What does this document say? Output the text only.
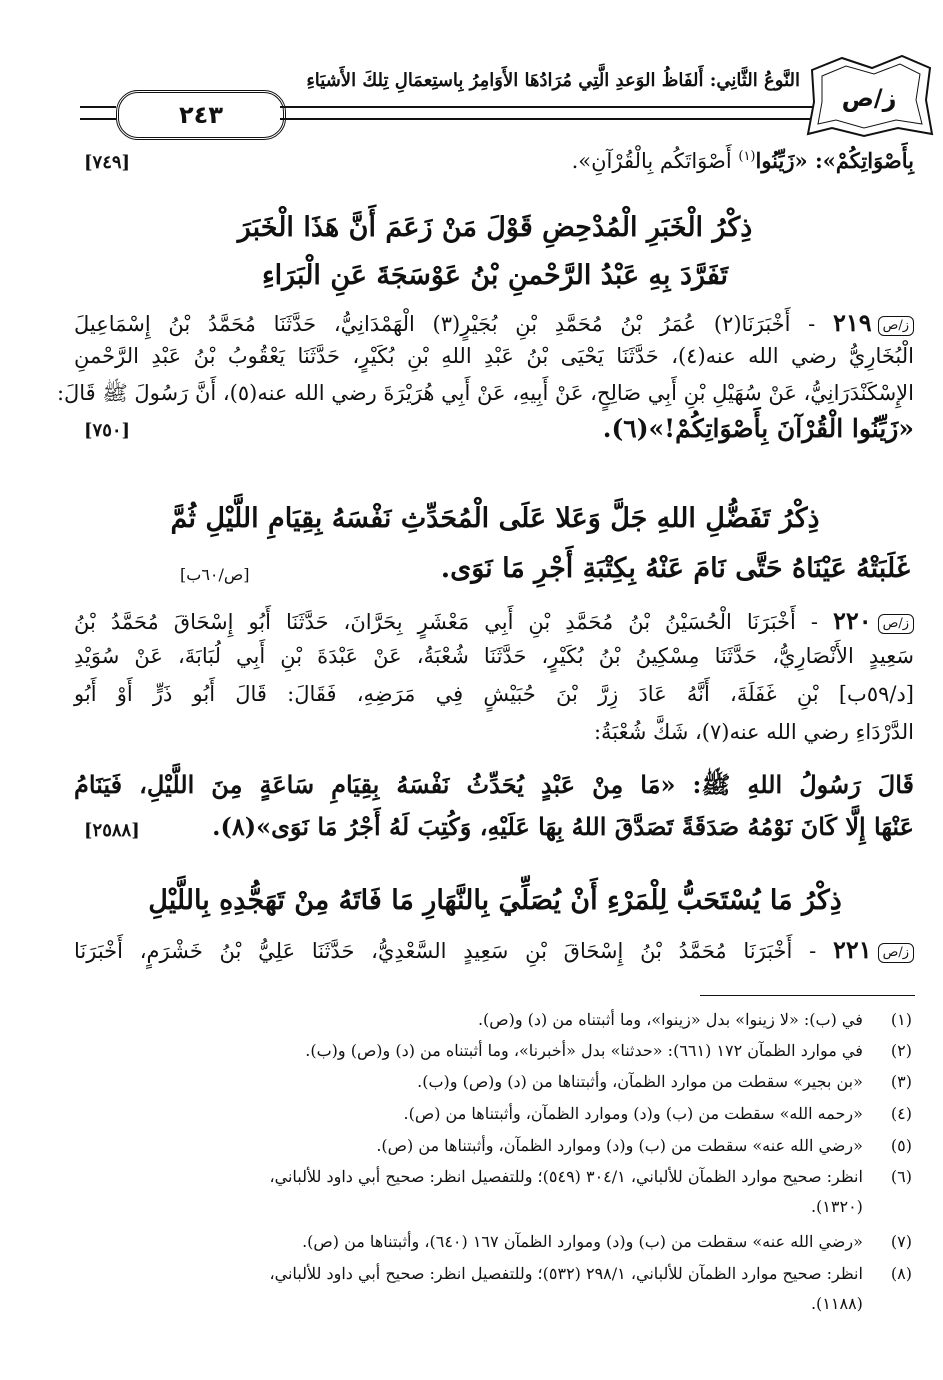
٢٤٣
النَّوعُ الثَّانِي: أَلفَاظُ الوَعدِ الَّتِي مُرَادُهَا الأَوَامِرُ بِاستِعمَالِ تِلكَ الأَشيَاءِ
ز/ص
بِأَصْوَاتِكُمْ»: «زَيِّنُوا$^{(١)}$ أَصْوَاتَكُم بِالْقُرْآنِ».
[٧٤٩]
ذِكْرُ الْخَبَرِ الْمُدْحِضِ قَوْلَ مَنْ زَعَمَ أَنَّ هَذَا الْخَبَرَ
تَفَرَّدَ بِهِ عَبْدُ الرَّحْمنِ بْنُ عَوْسَجَةَ عَنِ الْبَرَاءِ
ز/ص٢١٩ - أَخْبَرَنَا(٢) عُمَرُ بْنُ مُحَمَّدِ بْنِ بُجَيْرٍ(٣) الْهَمْدَانِيُّ، حَدَّثَنَا مُحَمَّدُ بْنُ إِسْمَاعِيلَ
الْبُخَارِيُّ رضي الله عنه(٤)، حَدَّثَنَا يَحْيَى بْنُ عَبْدِ اللهِ بْنِ بُكَيْرٍ، حَدَّثَنَا يَعْقُوبُ بْنُ عَبْدِ الرَّحْمنِ
الإِسْكَنْدَرَانِيُّ، عَنْ سُهَيْلِ بْنِ أَبِي صَالِحٍ، عَنْ أَبِيهِ، عَنْ أَبِي هُرَيْرَةَ رضي الله عنه(٥)، أَنَّ رَسُولَ ﷺ قَالَ:
«زَيِّنُوا الْقُرْآنَ بِأَصْوَاتِكُمْ!»(٦).
[٧٥٠]
ذِكْرُ تَفَضُّلِ اللهِ جَلَّ وَعَلا عَلَى الْمُحَدِّثِ نَفْسَهُ بِقِيَامِ اللَّيْلِ ثُمَّ
غَلَبَتْهُ عَيْنَاهُ حَتَّى نَامَ عَنْهُ بِكِتْبَةِ أَجْرِ مَا نَوَى.
[ص/٦٠ب]
ز/ص٢٢٠ - أَخْبَرَنَا الْحُسَيْنُ بْنُ مُحَمَّدِ بْنِ أَبِي مَعْشَرٍ بِحَرَّانَ، حَدَّثَنَا أَبُو إِسْحَاقَ مُحَمَّدُ بْنُ
سَعِيدٍ الأَنْصَارِيُّ، حَدَّثَنَا مِسْكِينُ بْنُ بُكَيْرٍ، حَدَّثَنَا شُعْبَةُ، عَنْ عَبْدَةَ بْنِ أَبِي لُبَابَةَ، عَنْ سُوَيْدِ
[د/٥٩ب] بْنِ غَفَلَةَ، أَنَّهُ عَادَ زِرَّ بْنَ حُبَيْشٍ فِي مَرَضِهِ، فَقَالَ: قَالَ أَبُو ذَرٍّ أَوْ أَبُو
الدَّرْدَاءِ رضي الله عنه(٧)، شَكَّ شُعْبَةُ:
قَالَ رَسُولُ اللهِ ﷺ: «مَا مِنْ عَبْدٍ يُحَدِّثُ نَفْسَهُ بِقِيَامِ سَاعَةٍ مِنَ اللَّيْلِ، فَيَنَامُ
عَنْهَا إِلَّا كَانَ نَوْمُهُ صَدَقَةً تَصَدَّقَ اللهُ بِهَا عَلَيْهِ، وَكُتِبَ لَهُ أَجْرُ مَا نَوَى»(٨).
[٢٥٨٨]
ذِكْرُ مَا يُسْتَحَبُّ لِلْمَرْءِ أَنْ يُصَلِّيَ بِالنَّهَارِ مَا فَاتَهُ مِنْ تَهَجُّدِهِ بِاللَّيْلِ
ز/ص٢٢١ - أَخْبَرَنَا مُحَمَّدُ بْنُ إِسْحَاقَ بْنِ سَعِيدٍ السَّعْدِيُّ، حَدَّثَنَا عَلِيُّ بْنُ خَشْرَمٍ، أَخْبَرَنَا
(١) في (ب): «لا زينوا» بدل «زينوا»، وما أثبتناه من (د) و(ص).
(٢) في موارد الظمآن ١٧٢ (٦٦١): «حدثنا» بدل «أخبرنا»، وما أثبتناه من (د) و(ص) و(ب).
(٣) «بن بجير» سقطت من موارد الظمآن، وأثبتناها من (د) و(ص) و(ب).
(٤) «رحمه الله» سقطت من (ب) و(د) وموارد الظمآن، وأثبتناها من (ص).
(٥) «رضي الله عنه» سقطت من (ب) و(د) وموارد الظمآن، وأثبتناها من (ص).
(٦) انظر: صحيح موارد الظمآن للألباني، ٣٠٤/١ (٥٤٩)؛ وللتفصيل انظر: صحيح أبي داود للألباني،
(١٣٢٠).
(٧) «رضي الله عنه» سقطت من (ب) و(د) وموارد الظمآن ١٦٧ (٦٤٠)، وأثبتناها من (ص).
(٨) انظر: صحيح موارد الظمآن للألباني، ٢٩٨/١ (٥٣٢)؛ وللتفصيل انظر: صحيح أبي داود للألباني،
(١١٨٨).
